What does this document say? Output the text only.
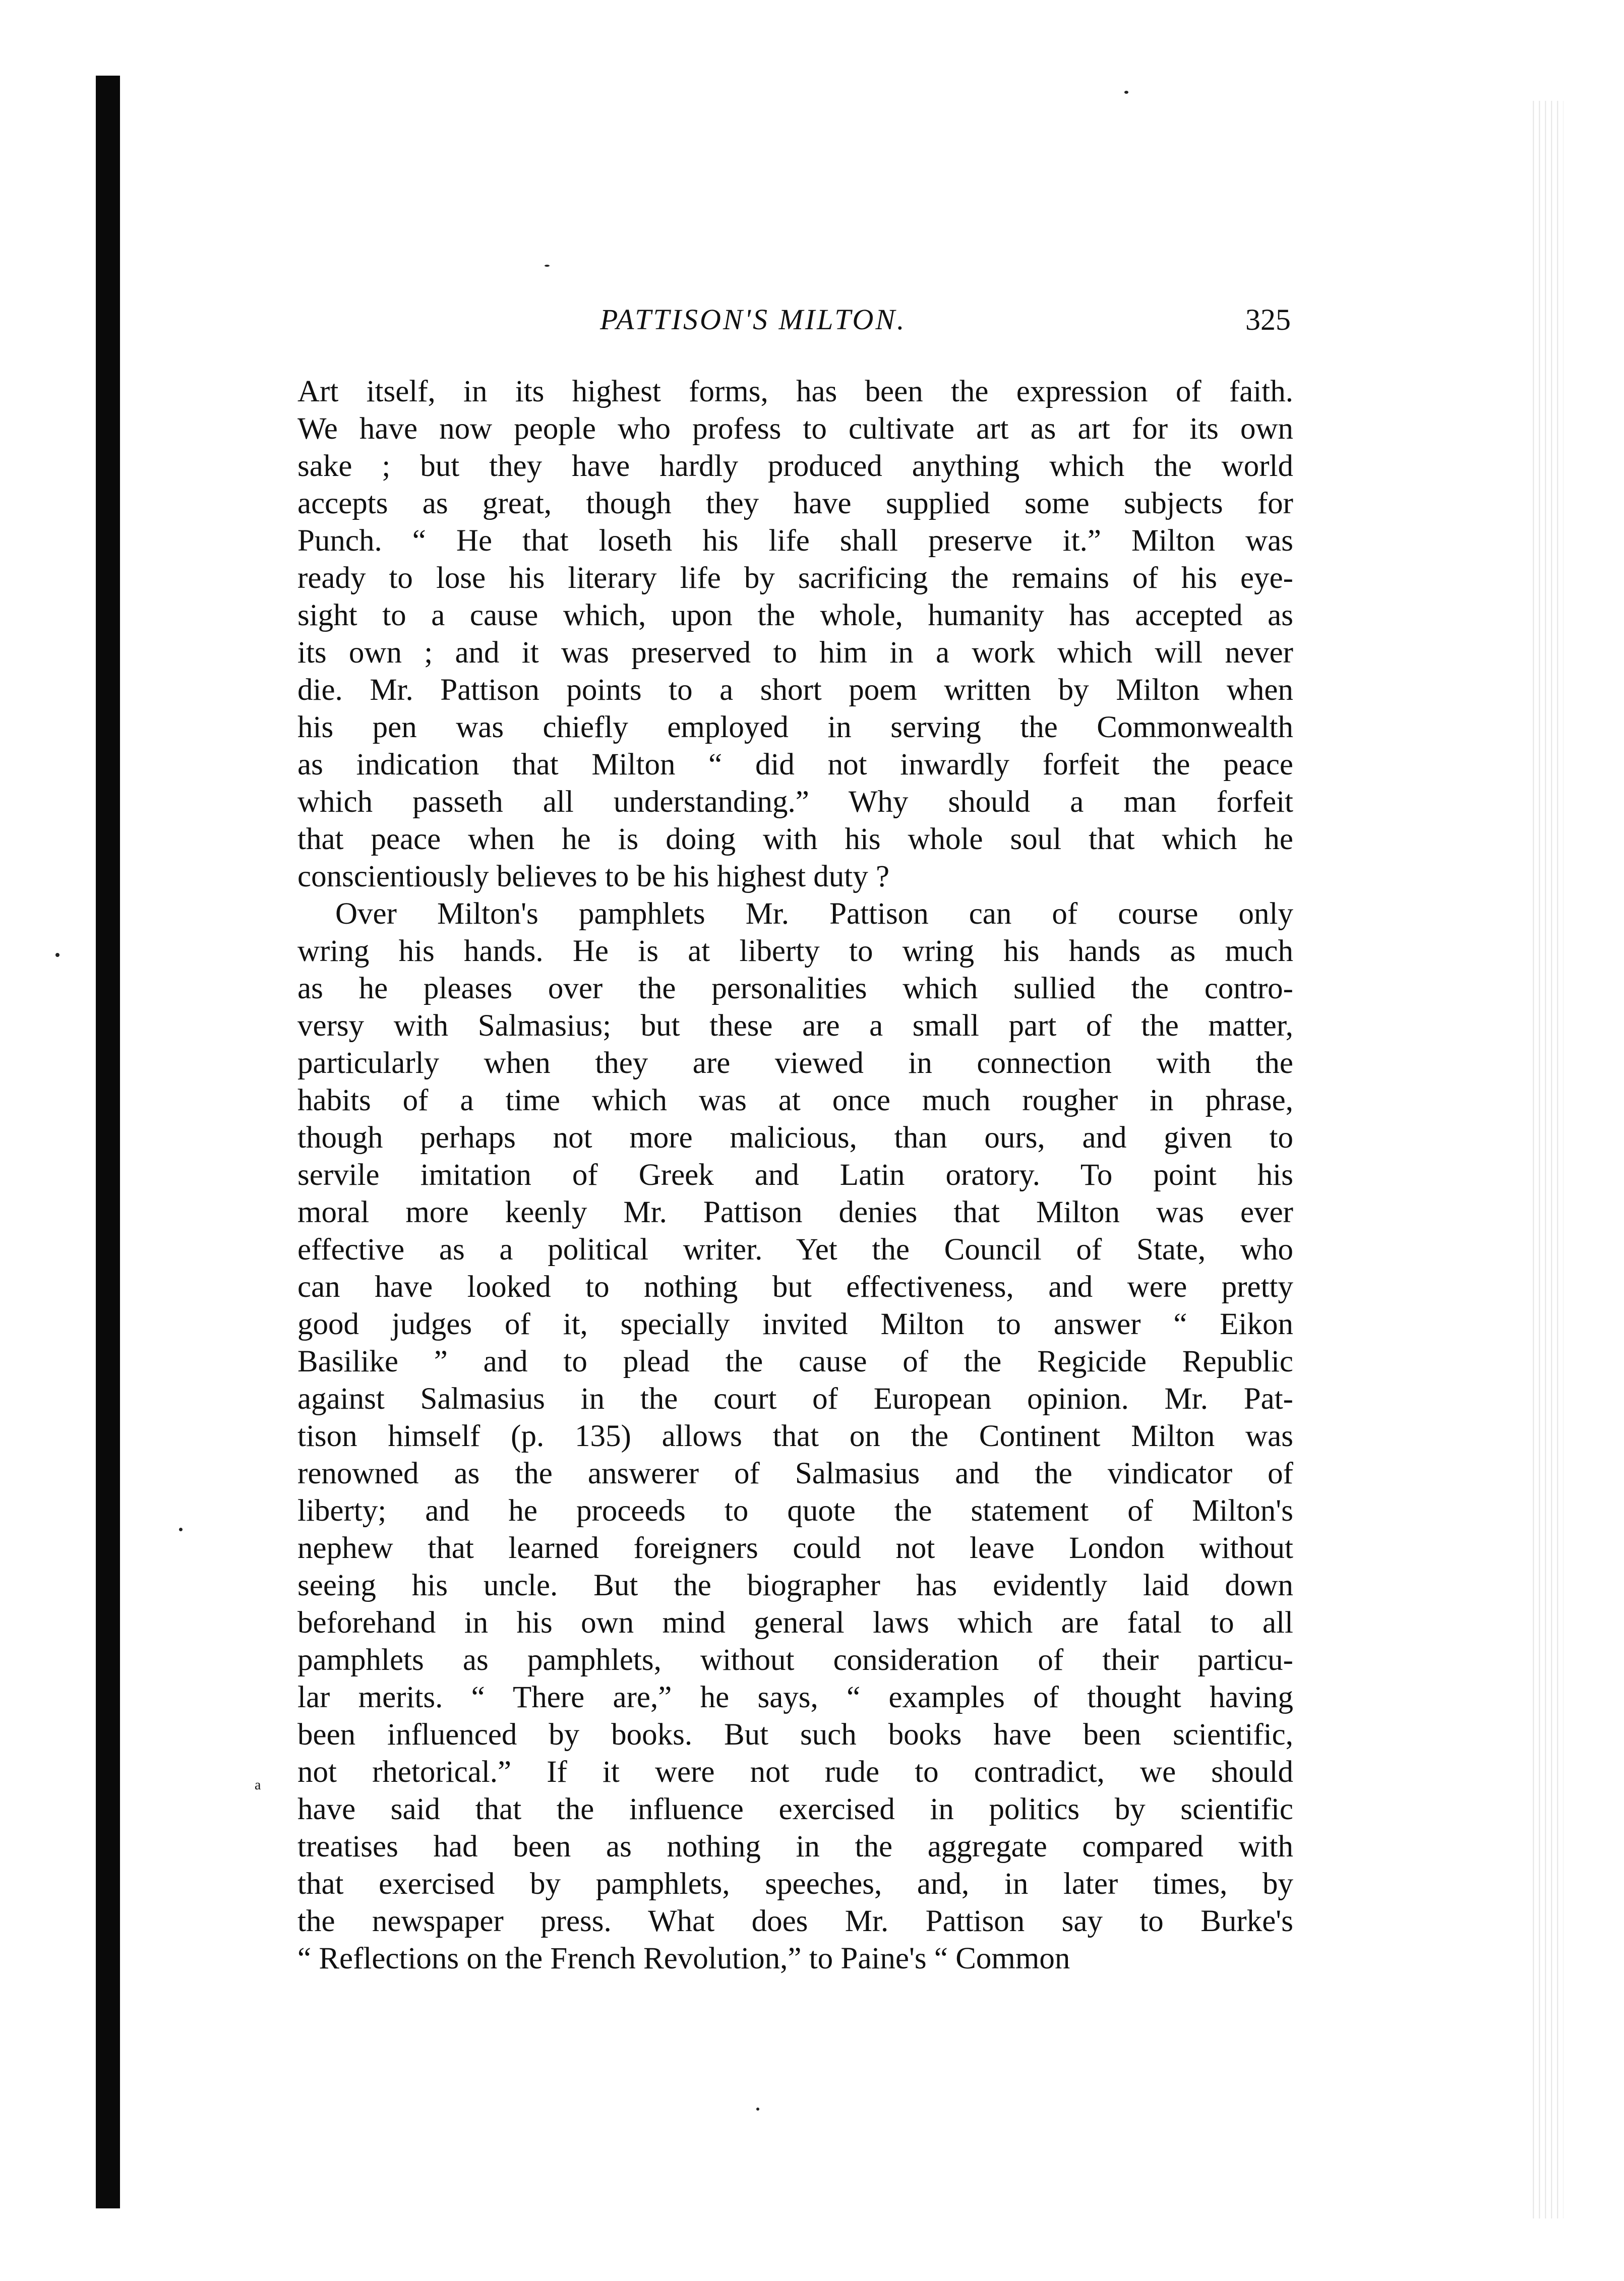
PATTISON'S MILTON.	325
a
Art itself, in its highest forms, has been the expression of faith.
We have now people who profess to cultivate art as art for its own
sake ; but they have hardly produced anything which the world
accepts as great, though they have supplied some subjects for
Punch. “ He that loseth his life shall preserve it.” Milton was
ready to lose his literary life by sacrificing the remains of his eye-
sight to a cause which, upon the whole, humanity has accepted as
its own ; and it was preserved to him in a work which will never
die. Mr. Pattison points to a short poem written by Milton when
his pen was chiefly employed in serving the Commonwealth
as indication that Milton “ did not inwardly forfeit the peace
which passeth all understanding.” Why should a man forfeit
that peace when he is doing with his whole soul that which he
conscientiously believes to be his highest duty ?
Over Milton's pamphlets Mr. Pattison can of course only
wring his hands. He is at liberty to wring his hands as much
as he pleases over the personalities which sullied the contro-
versy with Salmasius; but these are a small part of the matter,
particularly when they are viewed in connection with the
habits of a time which was at once much rougher in phrase,
though perhaps not more malicious, than ours, and given to
servile imitation of Greek and Latin oratory. To point his
moral more keenly Mr. Pattison denies that Milton was ever
effective as a political writer. Yet the Council of State, who
can have looked to nothing but effectiveness, and were pretty
good judges of it, specially invited Milton to answer “ Eikon
Basilike ” and to plead the cause of the Regicide Republic
against Salmasius in the court of European opinion. Mr. Pat-
tison himself (p. 135) allows that on the Continent Milton was
renowned as the answerer of Salmasius and the vindicator of
liberty; and he proceeds to quote the statement of Milton's
nephew that learned foreigners could not leave London without
seeing his uncle. But the biographer has evidently laid down
beforehand in his own mind general laws which are fatal to all
pamphlets as pamphlets, without consideration of their particu-
lar merits. “ There are,” he says, “ examples of thought having
been influenced by books. But such books have been scientific,
not rhetorical.” If it were not rude to contradict, we should
have said that the influence exercised in politics by scientific
treatises had been as nothing in the aggregate compared with
that exercised by pamphlets, speeches, and, in later times, by
the newspaper press. What does Mr. Pattison say to Burke's
“ Reflections on the French Revolution,” to Paine's “ Common
